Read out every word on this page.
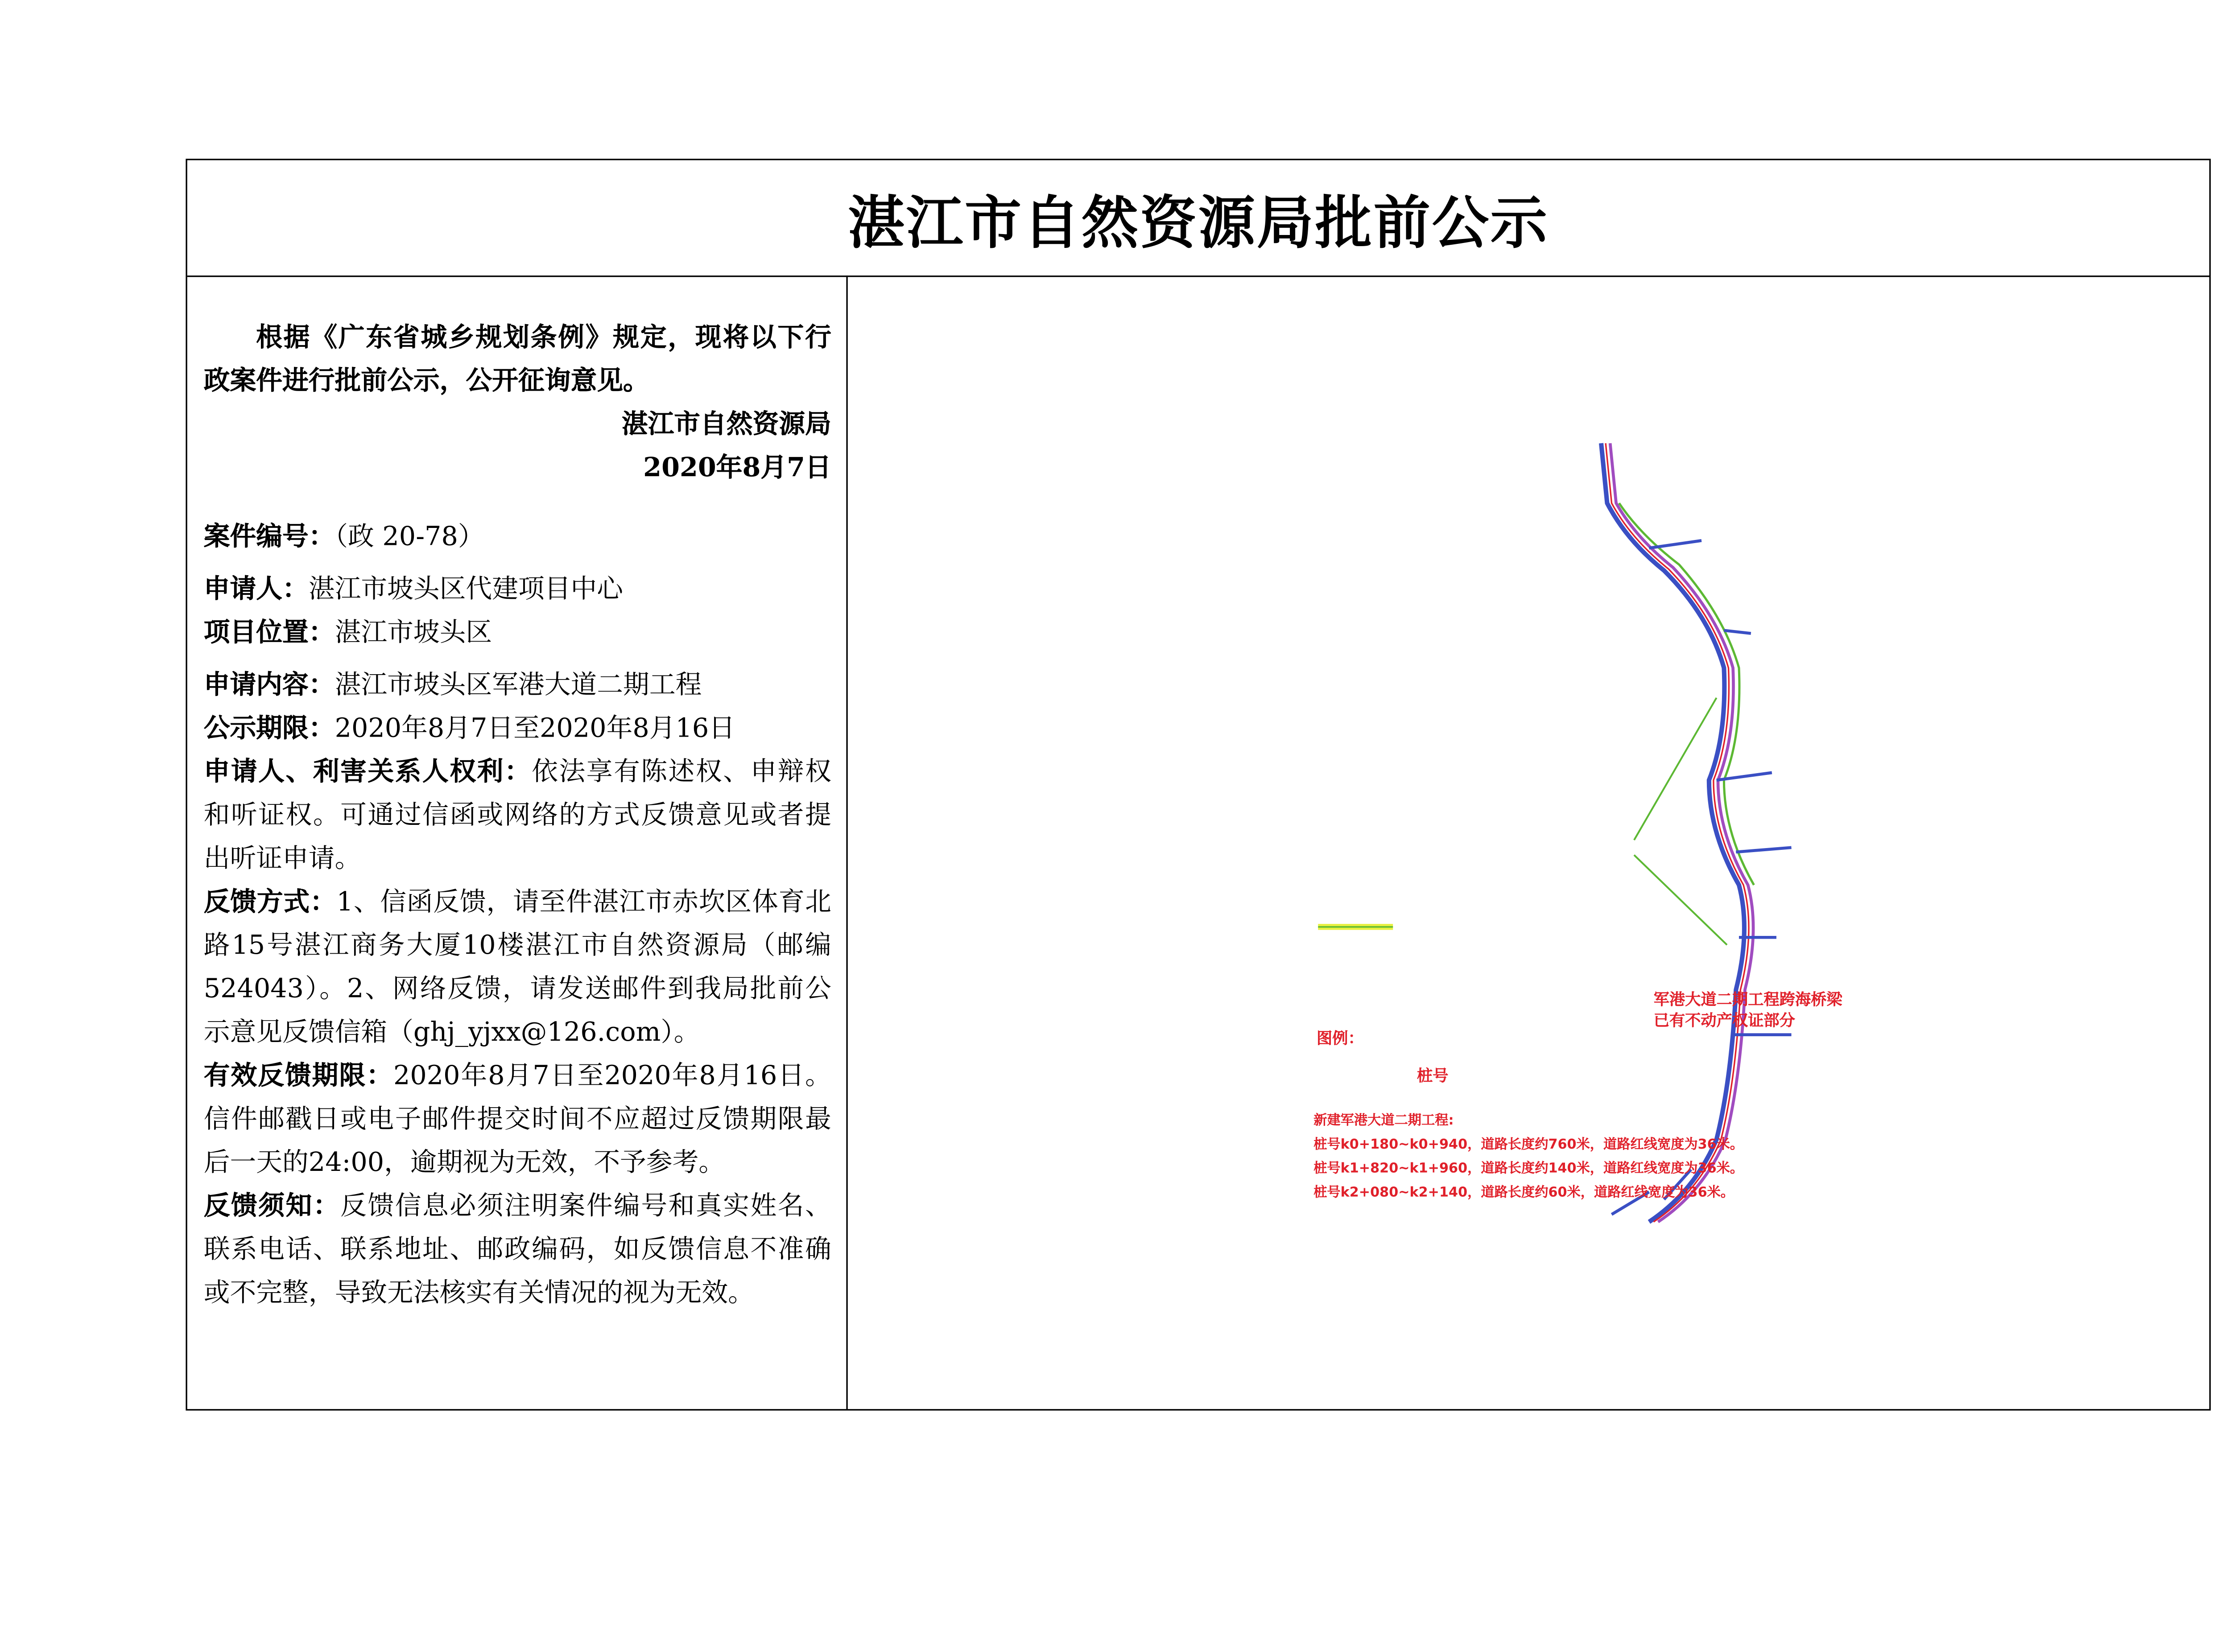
湛江市自然资源局批前公示

根据《广东省城乡规划条例》规定，现将以下行政案件进行批前公示，公开征询意见。

湛江市自然资源局

2020年8月7日

案件编号：（政 20-78）

申请人：湛江市坡头区代建项目中心

项目位置：湛江市坡头区

申请内容：湛江市坡头区军港大道二期工程

公示期限：2020年8月7日至2020年8月16日

申请人、利害关系人权利：依法享有陈述权、申辩权和听证权。可通过信函或网络的方式反馈意见或者提出听证申请。

反馈方式：1、信函反馈，请至件湛江市赤坎区体育北路15号湛江商务大厦10楼湛江市自然资源局（邮编524043）。2、网络反馈，请发送邮件到我局批前公示意见反馈信箱（ghj_yjxx@126.com）。

有效反馈期限：2020年8月7日至2020年8月16日。信件邮戳日或电子邮件提交时间不应超过反馈期限最后一天的24:00，逾期视为无效，不予参考。

反馈须知：反馈信息必须注明案件编号和真实姓名、联系电话、联系地址、邮政编码，如反馈信息不准确或不完整，导致无法核实有关情况的视为无效。

军港大道二期工程跨海桥梁
已有不动产权证部分
图例：
桩号
新建军港大道二期工程:
桩号k0+180~k0+940，道路长度约760米，道路红线宽度为36米。
桩号k1+820~k1+960，道路长度约140米，道路红线宽度为36米。
桩号k2+080~k2+140，道路长度约60米，道路红线宽度为36米。
